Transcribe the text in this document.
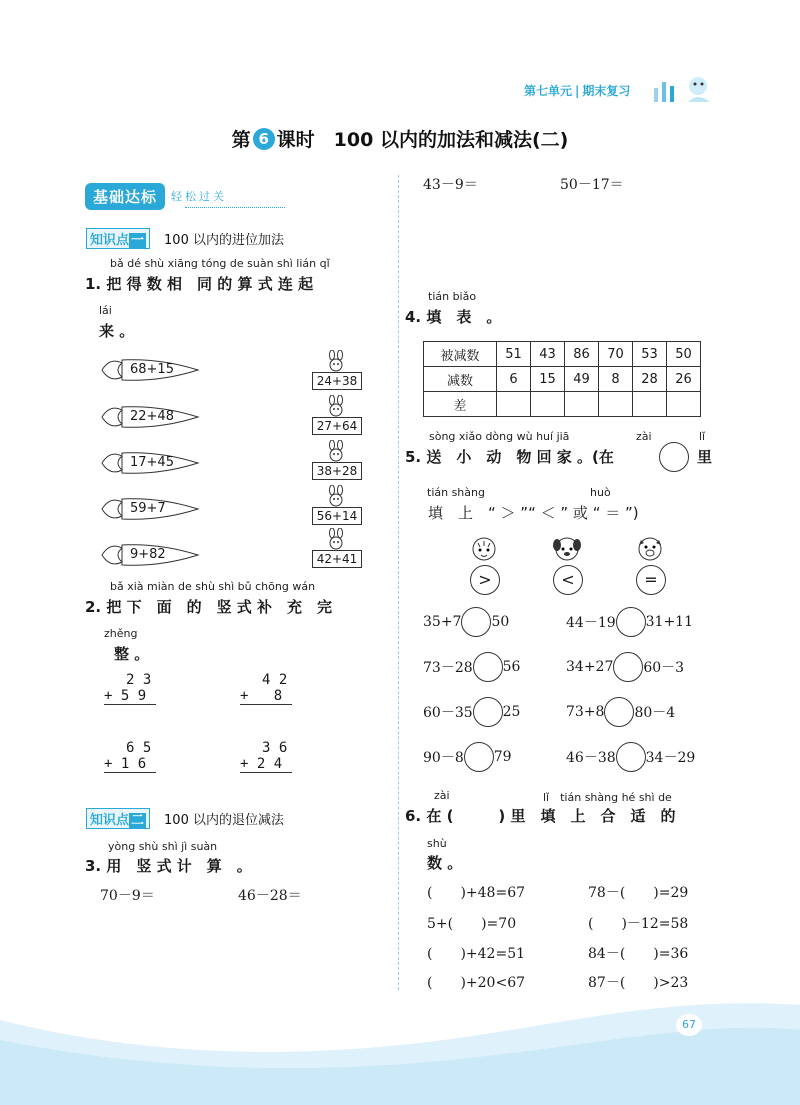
第七单元 | 期末复习
第 6 课时　100 以内的加法和减法(二)
基础达标	轻松过关
知识点 一	100 以内的进位加法
bǎ dé shù xiāng tóng de suàn shì lián qǐ
1. 把 得 数 相　同 的 算 式 连 起
lái
来 。
68+15
22+48
17+45
59+7
9+82
24+38
27+64
38+28
56+14
42+41
bǎ xià miàn de shù shì bǔ chōng wán
2. 把 下　面　的　竖 式 补　充　完
zhěng
整 。
2 3
+ 5 9
4 2
+   8
6 5
+ 1 6
3 6
+ 2 4
知识点 二	100 以内的退位减法
yòng shù shì jì suàn
3. 用　竖 式 计　算　。
70－9＝	46－28＝
43－9＝	50－17＝
tián biǎo
4. 填　表　。
被减数	51	43	86	70	53	50
减数	6	15	49	8	28	26
差						
sòng xiǎo dòng wù huí jiā	zài	lǐ
5. 送　小　动　物 回 家 。(在	里
tián shàng	huò
填　上　“ ＞ ”“ ＜ ” 或 “ ＝ ”)
>	<	=
35+7 50	44－19 31+11
73－28 56	34+27 60－3
60－35 25	73+8 80－4
90－8 79	46－38 34－29
zài	lǐ　tián shàng hé shì de
6. 在 (　　　) 里　填　上　合　适　的
shù
数 。
(　　)+48=67	78－(　　)=29
5+(　　)=70	(　　)－12=58
(　　)+42=51	84－(　　)=36
(　　)+20<67	87－(　　)>23
67
